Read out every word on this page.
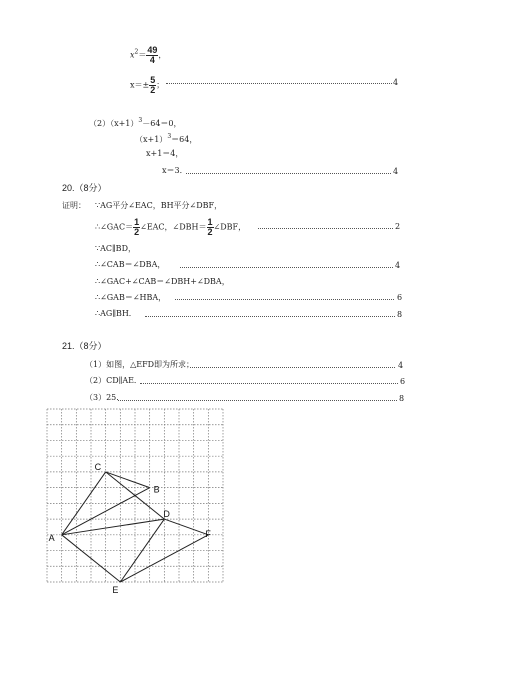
$x^2= \frac{49}{4}$ ，
$x=\pm \frac{5}{2}$ ；	4
$(2)(x+1)^3-64=0$，
$(x+1)^3=64$，
x+1＝4，
x＝3．	4
20.（8分）
证明： ∵AG平分∠EAC，BH平分∠DBF，
∴∠GAC＝ $\frac{1}{2}$ ∠EAC，∠DBH＝ $\frac{1}{2}$ ∠DBF，	2
∵AC∥BD，
∴∠CAB＝∠DBA，	4
∴∠GAC+∠CAB＝∠DBH+∠DBA，
∴∠GAB＝∠HBA，	6
∴AG∥BH．	8
21.（8分）
（1）如图，△EFD即为所求；	4
（2）CD∥AE．	6
（3）25．	8
C
B
D
F
A
E
